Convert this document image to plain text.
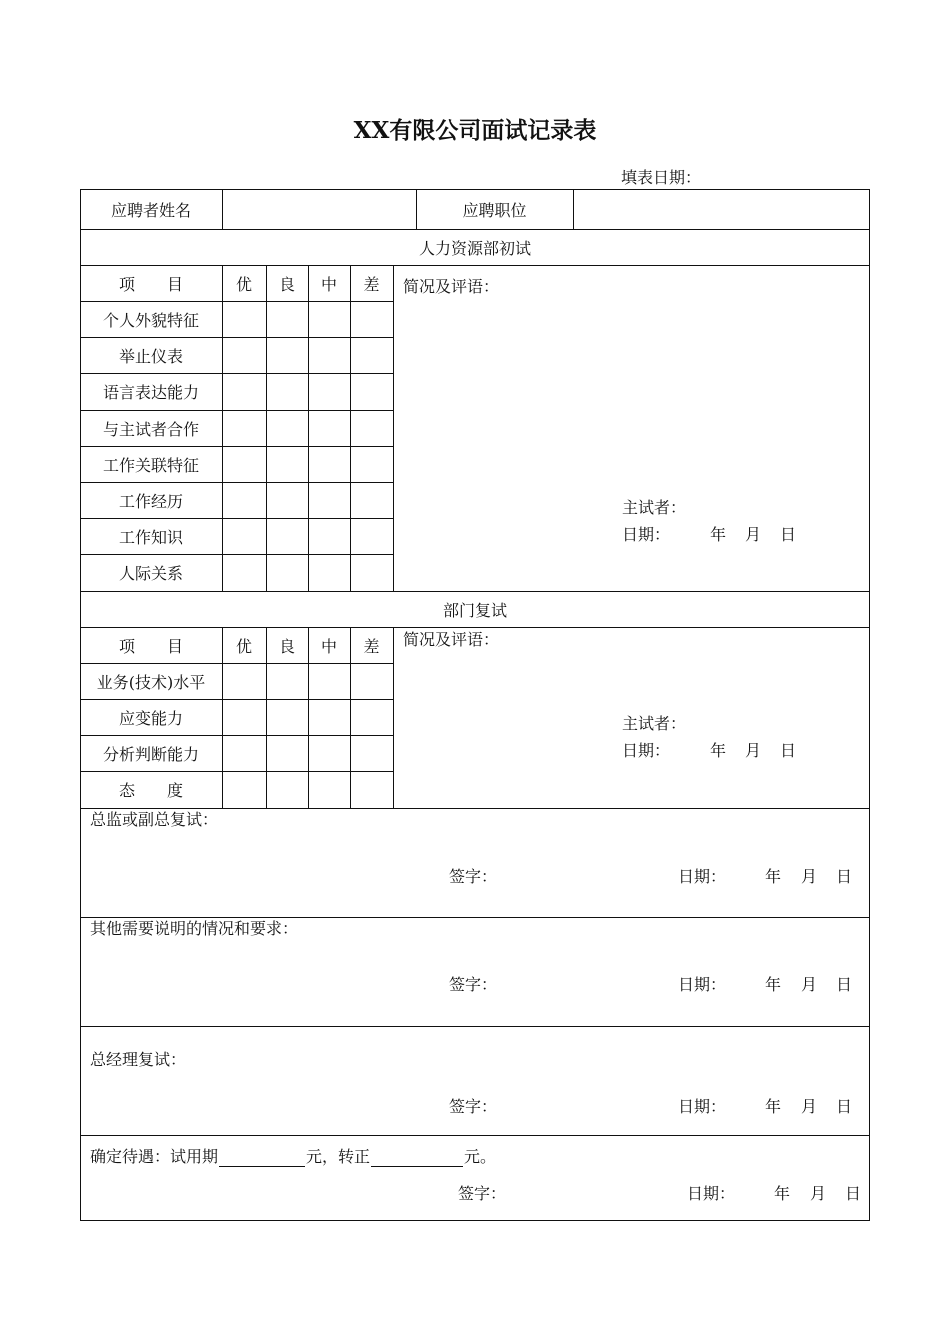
XX有限公司面试记录表
填表日期：
应聘者姓名	应聘职位
人力资源部初试
项　　目	优	良	中	差
个人外貌特征
举止仪表
语言表达能力
与主试者合作
工作关联特征
工作经历
工作知识
人际关系
简况及评语：
主试者：
日期： 年 月 日
部门复试
项　　目	优	良	中	差
业务(技术)水平
应变能力
分析判断能力
态　　度
简况及评语：
主试者：
日期： 年 月 日
总监或副总复试：
签字：	日期： 年 月 日
其他需要说明的情况和要求：
签字：	日期： 年 月 日
总经理复试：
签字：	日期： 年 月 日
确定待遇：试用期	元，转正	元。
签字：	日期： 年 月 日
